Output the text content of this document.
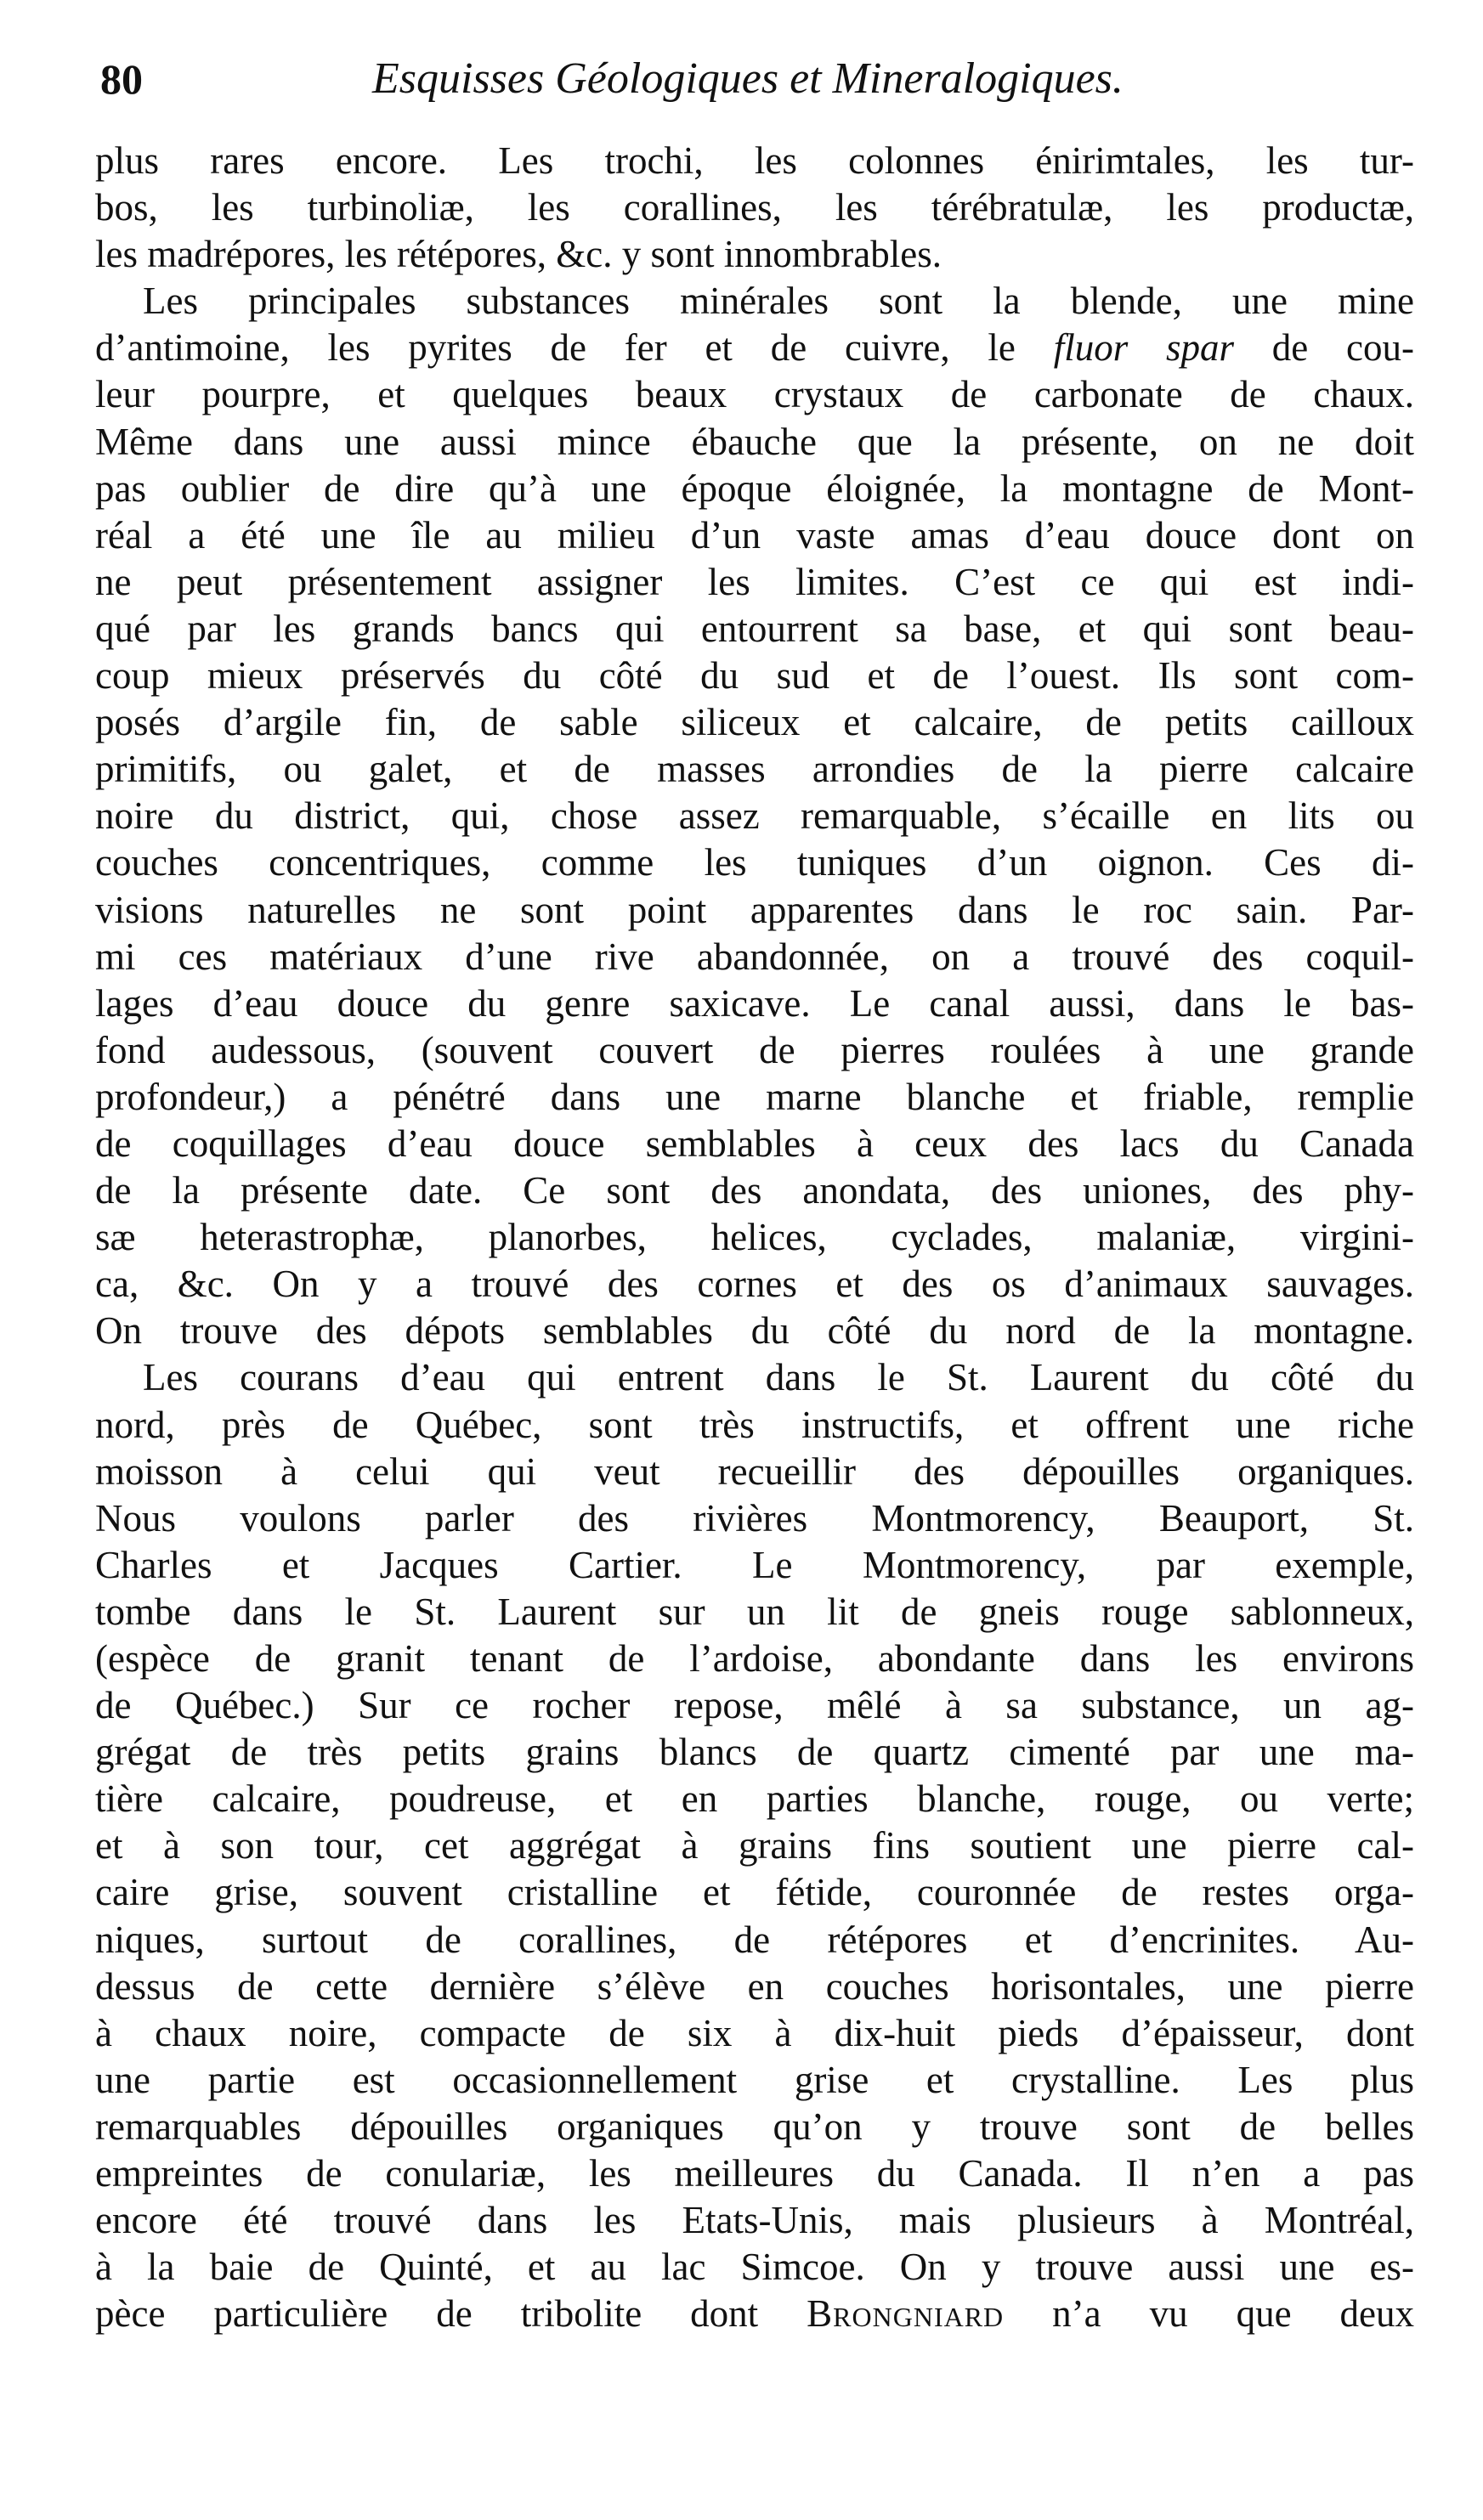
80	Esquisses Géologiques et Mineralogiques.
plus rares encore. Les trochi, les colonnes énirimtales, les tur-
bos, les turbinoliæ, les corallines, les térébratulæ, les productæ,
les madrépores, les rétépores, &c. y sont innombrables.
Les principales substances minérales sont la blende, une mine
d’antimoine, les pyrites de fer et de cuivre, le fluor spar de cou-
leur pourpre, et quelques beaux crystaux de carbonate de chaux.
Même dans une aussi mince ébauche que la présente, on ne doit
pas oublier de dire qu’à une époque éloignée, la montagne de Mont-
réal a été une île au milieu d’un vaste amas d’eau douce dont on
ne peut présentement assigner les limites. C’est ce qui est indi-
qué par les grands bancs qui entourrent sa base, et qui sont beau-
coup mieux préservés du côté du sud et de l’ouest. Ils sont com-
posés d’argile fin, de sable siliceux et calcaire, de petits cailloux
primitifs, ou galet, et de masses arrondies de la pierre calcaire
noire du district, qui, chose assez remarquable, s’écaille en lits ou
couches concentriques, comme les tuniques d’un oignon. Ces di-
visions naturelles ne sont point apparentes dans le roc sain. Par-
mi ces matériaux d’une rive abandonnée, on a trouvé des coquil-
lages d’eau douce du genre saxicave. Le canal aussi, dans le bas-
fond audessous, (souvent couvert de pierres roulées à une grande
profondeur,) a pénétré dans une marne blanche et friable, remplie
de coquillages d’eau douce semblables à ceux des lacs du Canada
de la présente date. Ce sont des anondata, des uniones, des phy-
sæ heterastrophæ, planorbes, helices, cyclades, malaniæ, virgini-
ca, &c. On y a trouvé des cornes et des os d’animaux sauvages.
On trouve des dépots semblables du côté du nord de la montagne.
Les courans d’eau qui entrent dans le St. Laurent du côté du
nord, près de Québec, sont très instructifs, et offrent une riche
moisson à celui qui veut recueillir des dépouilles organiques.
Nous voulons parler des rivières Montmorency, Beauport, St.
Charles et Jacques Cartier. Le Montmorency, par exemple,
tombe dans le St. Laurent sur un lit de gneis rouge sablonneux,
(espèce de granit tenant de l’ardoise, abondante dans les environs
de Québec.) Sur ce rocher repose, mêlé à sa substance, un ag-
grégat de très petits grains blancs de quartz cimenté par une ma-
tière calcaire, poudreuse, et en parties blanche, rouge, ou verte;
et à son tour, cet aggrégat à grains fins soutient une pierre cal-
caire grise, souvent cristalline et fétide, couronnée de restes orga-
niques, surtout de corallines, de rétépores et d’encrinites. Au-
dessus de cette dernière s’élève en couches horisontales, une pierre
à chaux noire, compacte de six à dix-huit pieds d’épaisseur, dont
une partie est occasionnellement grise et crystalline. Les plus
remarquables dépouilles organiques qu’on y trouve sont de belles
empreintes de conulariæ, les meilleures du Canada. Il n’en a pas
encore été trouvé dans les Etats-Unis, mais plusieurs à Montréal,
à la baie de Quinté, et au lac Simcoe. On y trouve aussi une es-
pèce particulière de tribolite dont Brongniard n’a vu que deux
